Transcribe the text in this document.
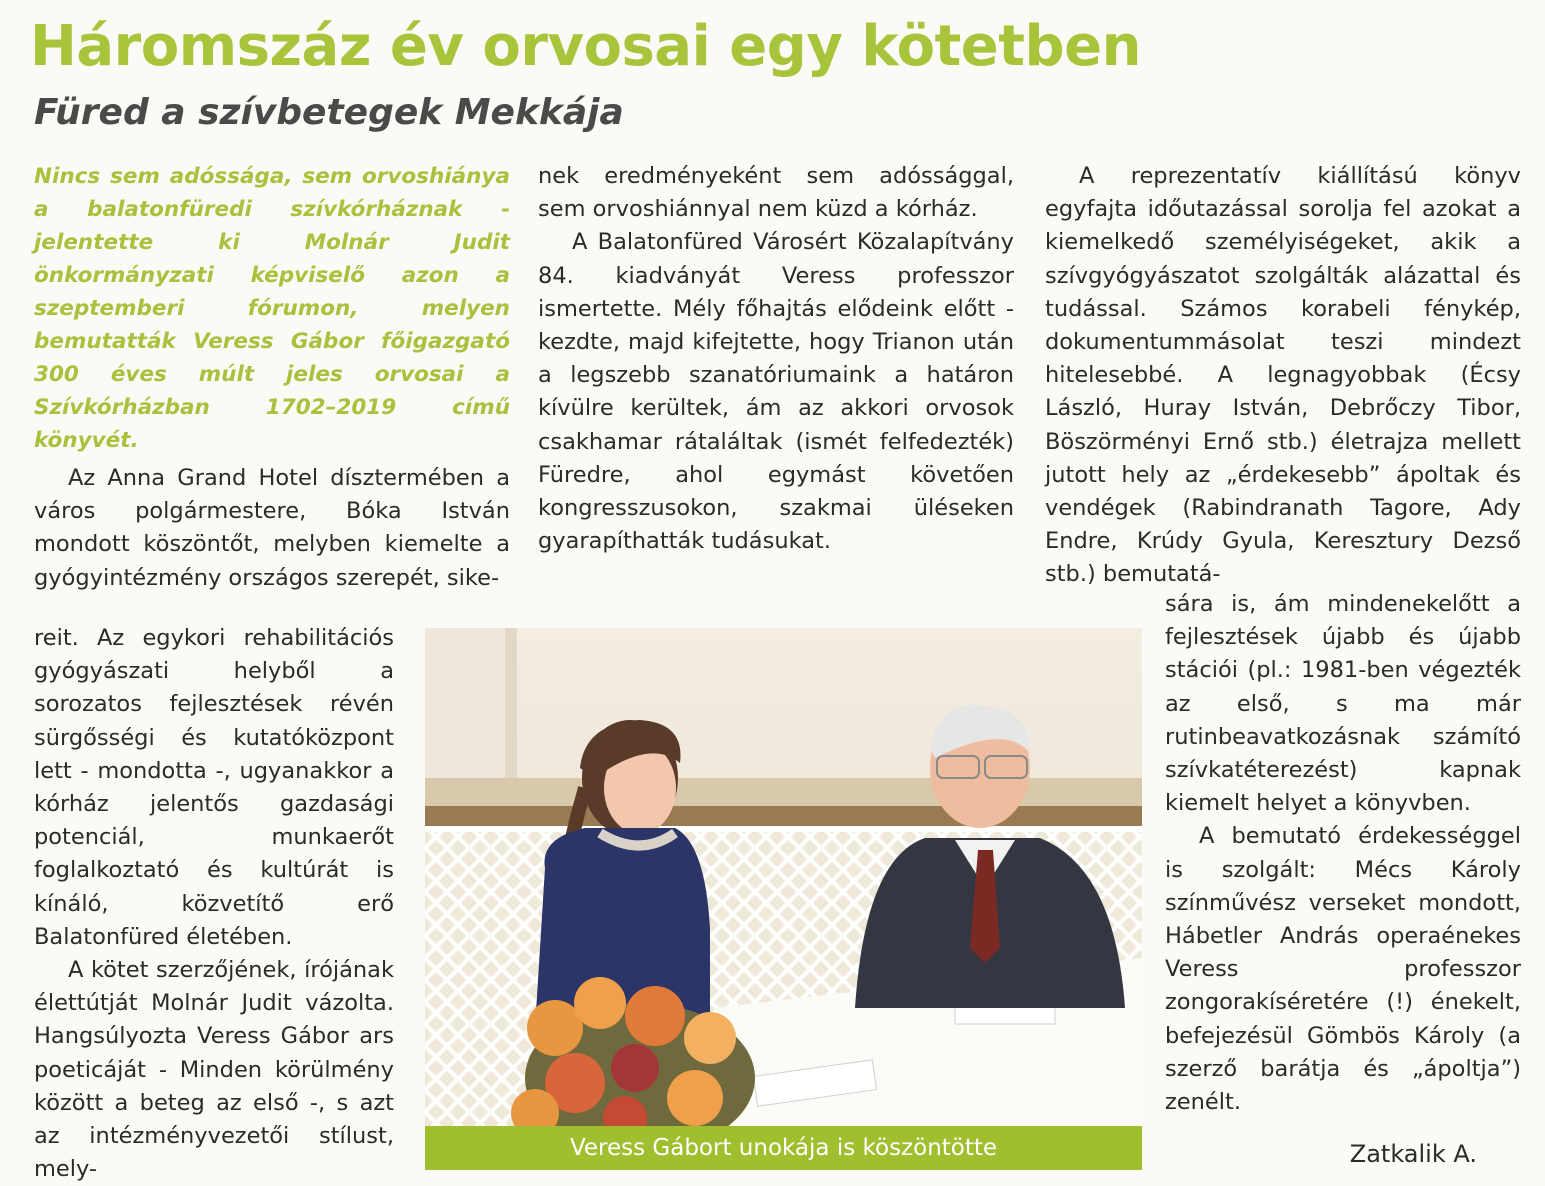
Háromszáz év orvosai egy kötetben
Füred a szívbetegek Mekkája

Nincs sem adóssága, sem orvoshiánya a balatonfüredi szívkórháznak - jelentette ki Molnár Judit önkormányzati képviselő azon a szeptemberi fórumon, melyen bemutatták Veress Gábor főigazgató 300 éves múlt jeles orvosai a Szívkórházban 1702–2019 című könyvét.

Az Anna Grand Hotel dísztermében a város polgármestere, Bóka István mondott köszöntőt, melyben kiemelte a gyógyintézmény országos szerepét, sike-

reit. Az egykori rehabilitációs gyógyászati helyből a sorozatos fejlesztések révén sürgősségi és kutatóközpont lett - mondotta -, ugyanakkor a kórház jelentős gazdasági potenciál, munkaerőt foglalkoztató és kultúrát is kínáló, közvetítő erő Balatonfüred életében.

A kötet szerzőjének, írójának élettútját Molnár Judit vázolta. Hangsúlyozta Veress Gábor ars poeticáját - Minden körülmény között a beteg az első -, s azt az intézményvezetői stílust, mely-

nek eredményeként sem adóssággal, sem orvoshiánnyal nem küzd a kórház.

A Balatonfüred Városért Közalapítvány 84. kiadványát Veress professzor ismertette. Mély főhajtás elődeink előtt - kezdte, majd kifejtette, hogy Trianon után a legszebb szanatóriumaink a határon kívülre kerültek, ám az akkori orvosok csakhamar rátaláltak (ismét felfedezték) Füredre, ahol egymást követően kongresszusokon, szakmai üléseken gyarapíthatták tudásukat.

A reprezentatív kiállítású könyv egyfajta időutazással sorolja fel azokat a kiemelkedő személyiségeket, akik a szívgyógyászatot szolgálták alázattal és tudással. Számos korabeli fénykép, dokumentummásolat teszi mindezt hitelesebbé. A legnagyobbak (Écsy László, Huray István, Debrőczy Tibor, Böszörményi Ernő stb.) életrajza mellett jutott hely az „érdekesebb” ápoltak és vendégek (Rabindranath Tagore, Ady Endre, Krúdy Gyula, Keresztury Dezső stb.) bemutatá-

sára is, ám mindenekelőtt a fejlesztések újabb és újabb stációi (pl.: 1981-ben végezték az első, s ma már rutinbeavatkozásnak számító szívkatéterezést) kapnak kiemelt helyet a könyvben.

A bemutató érdekességgel is szolgált: Mécs Károly színművész verseket mondott, Hábetler András operaénekes Veress professzor zongorakíséretére (!) énekelt, befejezésül Gömbös Károly (a szerző barátja és „ápoltja”) zenélt.

Zatkalik A.

Veress Gábort unokája is köszöntötte
